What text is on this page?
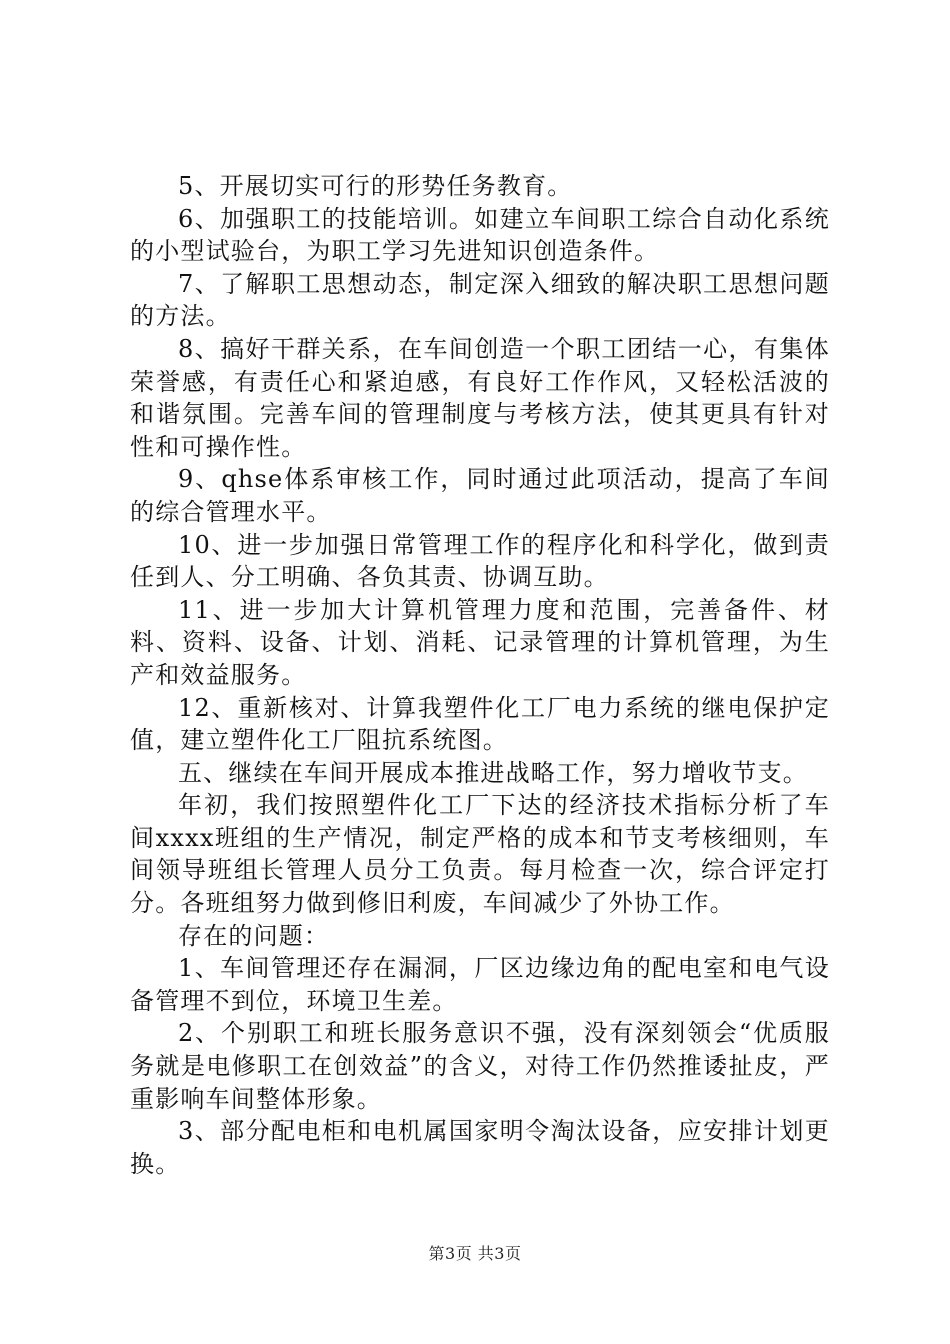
5、开展切实可行的形势任务教育。

6、加强职工的技能培训。如建立车间职工综合自动化系统的小型试验台，为职工学习先进知识创造条件。

7、了解职工思想动态，制定深入细致的解决职工思想问题的方法。

8、搞好干群关系，在车间创造一个职工团结一心，有集体荣誉感，有责任心和紧迫感，有良好工作作风，又轻松活波的和谐氛围。完善车间的管理制度与考核方法，使其更具有针对性和可操作性。

9、qhse体系审核工作，同时通过此项活动，提高了车间的综合管理水平。

10、进一步加强日常管理工作的程序化和科学化，做到责任到人、分工明确、各负其责、协调互助。

11、进一步加大计算机管理力度和范围，完善备件、材料、资料、设备、计划、消耗、记录管理的计算机管理，为生产和效益服务。

12、重新核对、计算我塑件化工厂电力系统的继电保护定值，建立塑件化工厂阻抗系统图。

五、继续在车间开展成本推进战略工作，努力增收节支。

年初，我们按照塑件化工厂下达的经济技术指标分析了车间xxxx班组的生产情况，制定严格的成本和节支考核细则，车间领导班组长管理人员分工负责。每月检查一次，综合评定打分。各班组努力做到修旧利废，车间减少了外协工作。

存在的问题：

1、车间管理还存在漏洞，厂区边缘边角的配电室和电气设备管理不到位，环境卫生差。

2、个别职工和班长服务意识不强，没有深刻领会“优质服务就是电修职工在创效益”的含义，对待工作仍然推诿扯皮，严重影响车间整体形象。

3、部分配电柜和电机属国家明令淘汰设备，应安排计划更换。

第3页 共3页
